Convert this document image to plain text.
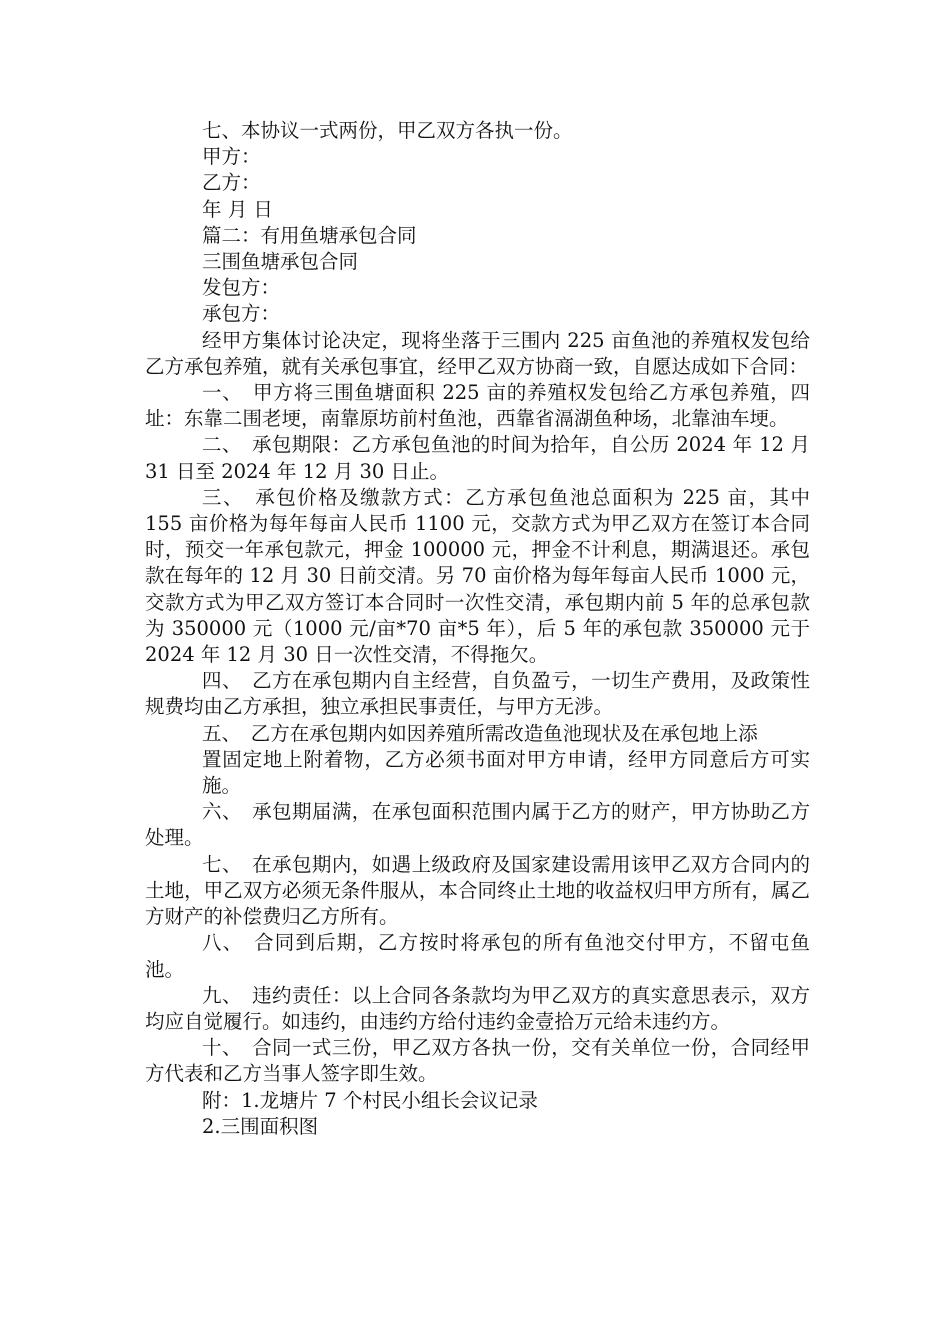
七、本协议一式两份，甲乙双方各执一份。

甲方：

乙方：

年 月 日

篇二：有用鱼塘承包合同

三围鱼塘承包合同

发包方：

承包方：

经甲方集体讨论决定，现将坐落于三围内 225 亩鱼池的养殖权发包给乙方承包养殖，就有关承包事宜，经甲乙双方协商一致，自愿达成如下合同：

一、　甲方将三围鱼塘面积 225 亩的养殖权发包给乙方承包养殖，四址：东靠二围老埂，南靠原坊前村鱼池，西靠省滆湖鱼种场，北靠油车埂。

二、　承包期限：乙方承包鱼池的时间为拾年，自公历 2024 年 12 月 31 日至 2024 年 12 月 30 日止。

三、　承包价格及缴款方式：乙方承包鱼池总面积为 225 亩，其中 155 亩价格为每年每亩人民币 1100 元，交款方式为甲乙双方在签订本合同时，预交一年承包款元，押金 100000 元，押金不计利息，期满退还。承包款在每年的 12 月 30 日前交清。另 70 亩价格为每年每亩人民币 1000 元，交款方式为甲乙双方签订本合同时一次性交清，承包期内前 5 年的总承包款为 350000 元（1000 元/亩*70 亩*5 年），后 5 年的承包款 350000 元于 2024 年 12 月 30 日一次性交清，不得拖欠。

四、　乙方在承包期内自主经营，自负盈亏，一切生产费用，及政策性规费均由乙方承担，独立承担民事责任，与甲方无涉。

五、　乙方在承包期内如因养殖所需改造鱼池现状及在承包地上添

置固定地上附着物，乙方必须书面对甲方申请，经甲方同意后方可实施。

六、　承包期届满，在承包面积范围内属于乙方的财产，甲方协助乙方处理。

七、　在承包期内，如遇上级政府及国家建设需用该甲乙双方合同内的土地，甲乙双方必须无条件服从，本合同终止土地的收益权归甲方所有，属乙方财产的补偿费归乙方所有。

八、　合同到后期，乙方按时将承包的所有鱼池交付甲方，不留屯鱼池。

九、　违约责任：以上合同各条款均为甲乙双方的真实意思表示，双方均应自觉履行。如违约，由违约方给付违约金壹拾万元给未违约方。

十、　合同一式三份，甲乙双方各执一份，交有关单位一份，合同经甲方代表和乙方当事人签字即生效。

附：1.龙塘片 7 个村民小组长会议记录

2.三围面积图
